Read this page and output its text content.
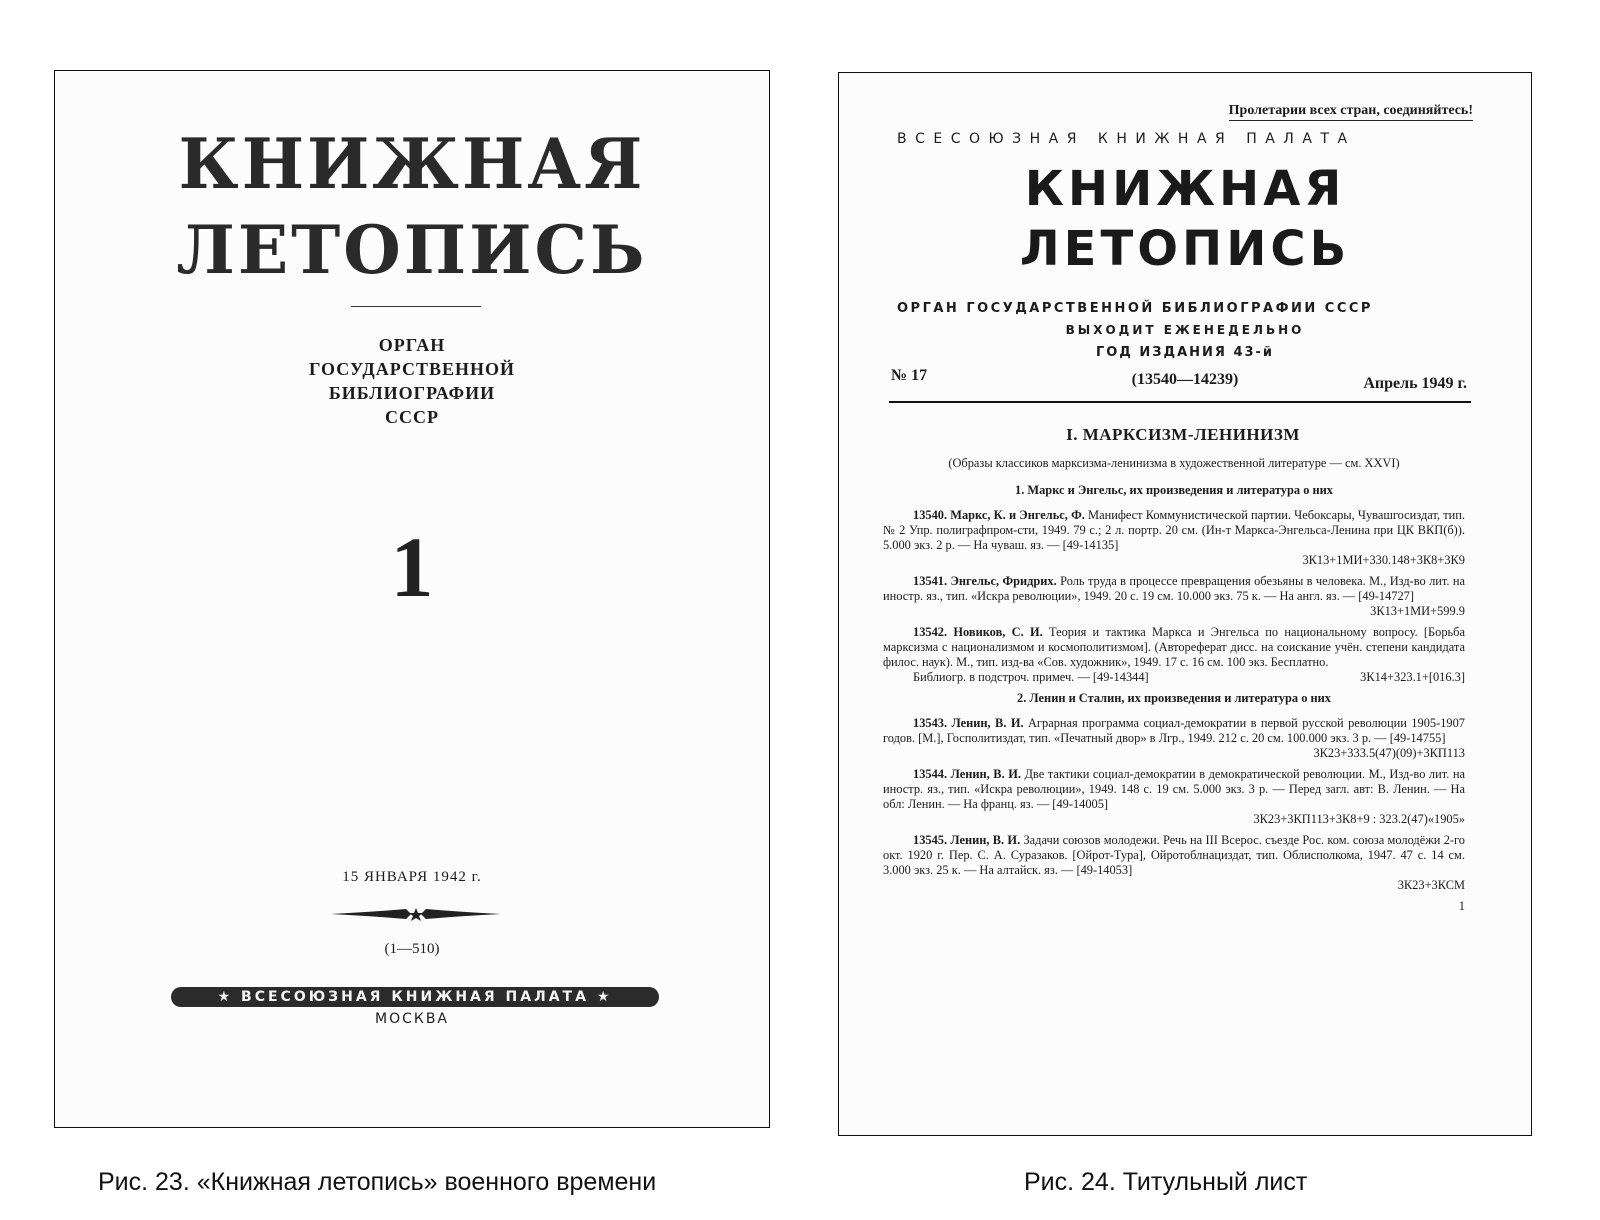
КНИЖНАЯ
ЛЕТОПИСЬ
ОРГАН
ГОСУДАРСТВЕННОЙ
БИБЛИОГРАФИИ
СССР
1
15 ЯНВАРЯ 1942 г.
(1—510)
★ ВСЕСОЮЗНАЯ КНИЖНАЯ ПАЛАТА ★
МОСКВА
Рис. 23. «Книжная летопись» военного времени
Пролетарии всех стран, соединяйтесь!
ВСЕСОЮЗНАЯ КНИЖНАЯ ПАЛАТА
КНИЖНАЯ
ЛЕТОПИСЬ
ОРГАН ГОСУДАРСТВЕННОЙ БИБЛИОГРАФИИ СССР
ВЫХОДИТ ЕЖЕНЕДЕЛЬНО
ГОД ИЗДАНИЯ 43-й
№ 17	(13540—14239)	Апрель 1949 г.
I. МАРКСИЗМ-ЛЕНИНИЗМ
(Образы классиков марксизма-ленинизма в художественной литературе — см. XXVI)
1. Маркс и Энгельс, их произведения и литература о них
13540. Маркс, К. и Энгельс, Ф. Манифест Коммунистической партии. Чебоксары, Чувашгосиздат, тип. № 2 Упр. полиграфпром-сти, 1949. 79 с.; 2 л. портр. 20 см. (Ин-т Маркса-Энгельса-Ленина при ЦК ВКП(б)). 5.000 экз. 2 р. — На чуваш. яз. — [49-14135]
3К13+1МИ+330.148+3К8+3К9
13541. Энгельс, Фридрих. Роль труда в процессе превращения обезьяны в человека. М., Изд-во лит. на иностр. яз., тип. «Искра революции», 1949. 20 с. 19 см. 10.000 экз. 75 к. — На англ. яз. — [49-14727]
3К13+1МИ+599.9
13542. Новиков, С. И. Теория и тактика Маркса и Энгельса по национальному вопросу. [Борьба марксизма с национализмом и космополитизмом]. (Автореферат дисс. на соискание учён. степени кандидата филос. наук). М., тип. изд-ва «Сов. художник», 1949. 17 с. 16 см. 100 экз. Бесплатно.
Библиогр. в подстроч. примеч. — [49-14344]	3К14+323.1+[016.3]
2. Ленин и Сталин, их произведения и литература о них
13543. Ленин, В. И. Аграрная программа социал-демократии в первой русской революции 1905-1907 годов. [М.], Госполитиздат, тип. «Печатный двор» в Лгр., 1949. 212 с. 20 см. 100.000 экз. 3 р. — [49-14755]
3К23+333.5(47)(09)+3КП113
13544. Ленин, В. И. Две тактики социал-демократии в демократической революции. М., Изд-во лит. на иностр. яз., тип. «Искра революции», 1949. 148 с. 19 см. 5.000 экз. 3 р. — Перед загл. авт: В. Ленин. — На обл: Ленин. — На франц. яз. — [49-14005]
3К23+3КП113+3К8+9 : 323.2(47)«1905»
13545. Ленин, В. И. Задачи союзов молодежи. Речь на III Всерос. съезде Рос. ком. союза молодёжи 2-го окт. 1920 г. Пер. С. А. Суразаков. [Ойрот-Тура], Ойротоблнациздат, тип. Облисполкома, 1947. 47 с. 14 см. 3.000 экз. 25 к. — На алтайск. яз. — [49-14053]
3К23+3КСМ
1
Рис. 24. Титульный лист
